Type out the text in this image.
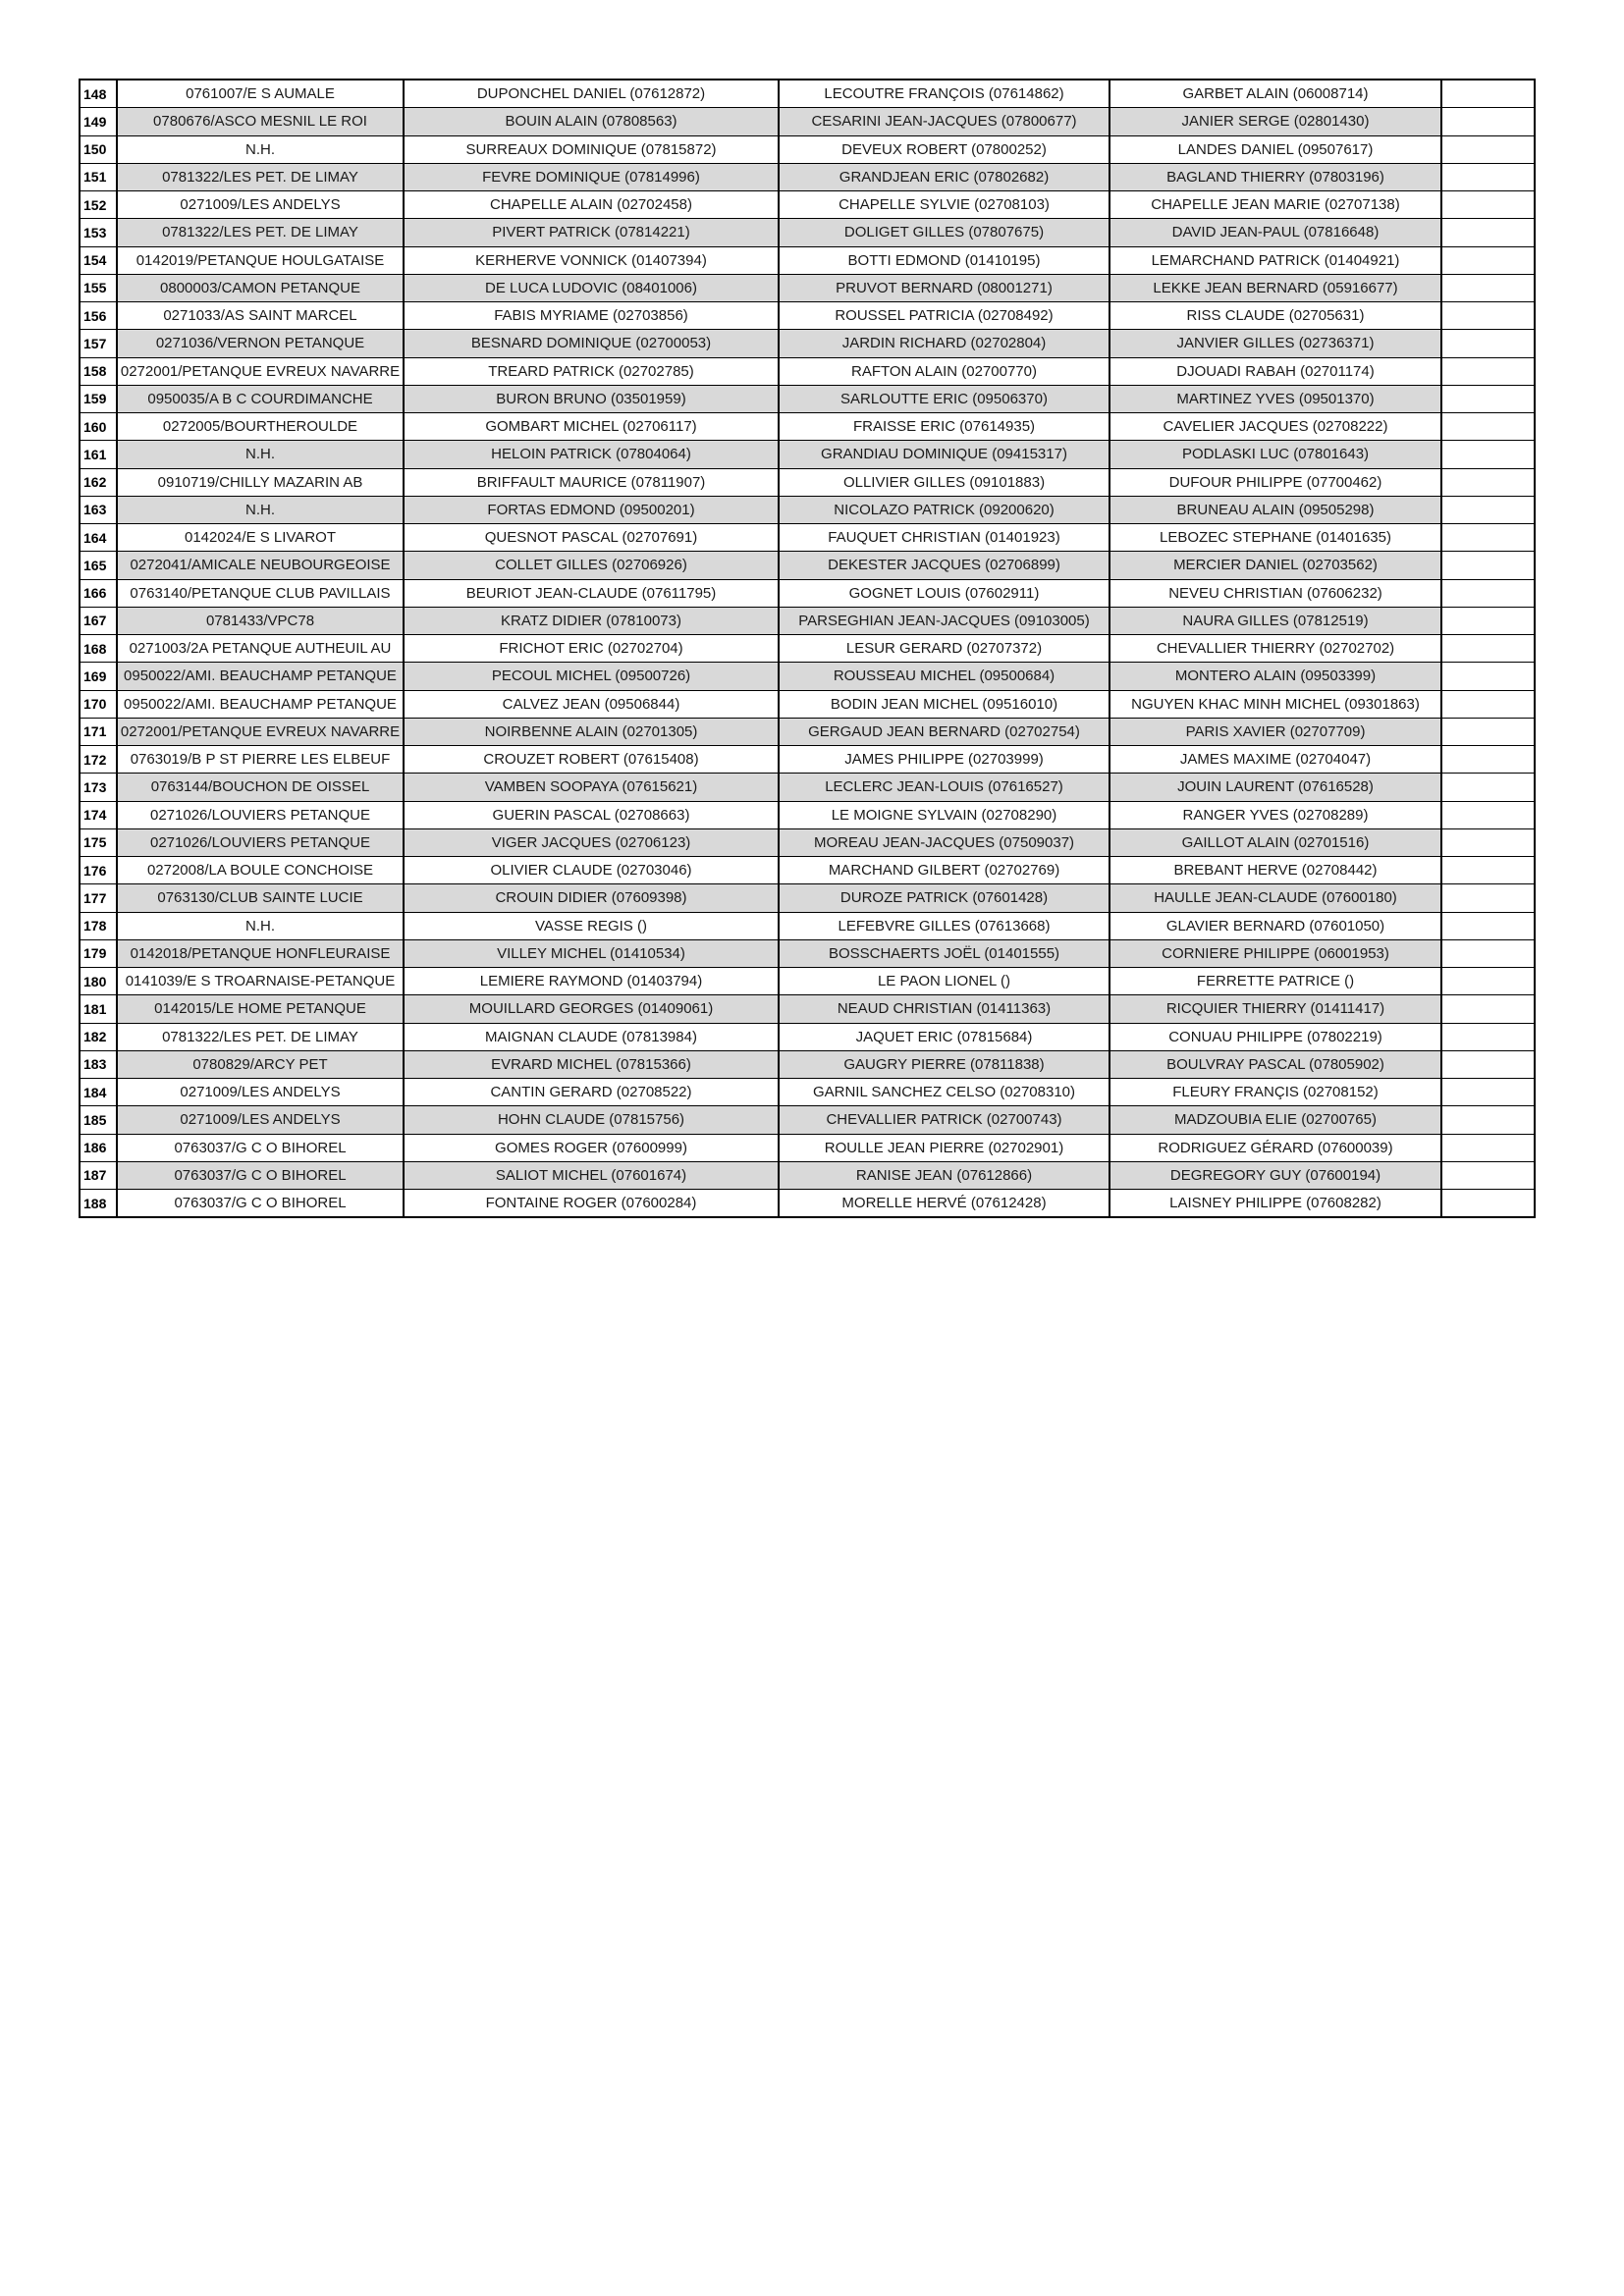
148	0761007/E S AUMALE	DUPONCHEL DANIEL (07612872)	LECOUTRE FRANÇOIS (07614862)	GARBET ALAIN (06008714)	
149	0780676/ASCO MESNIL LE ROI	BOUIN ALAIN (07808563)	CESARINI JEAN-JACQUES (07800677)	JANIER SERGE (02801430)	
150	N.H.	SURREAUX DOMINIQUE (07815872)	DEVEUX ROBERT (07800252)	LANDES DANIEL (09507617)	
151	0781322/LES PET. DE LIMAY	FEVRE DOMINIQUE (07814996)	GRANDJEAN ERIC (07802682)	BAGLAND THIERRY (07803196)	
152	0271009/LES ANDELYS	CHAPELLE ALAIN (02702458)	CHAPELLE SYLVIE (02708103)	CHAPELLE JEAN MARIE (02707138)	
153	0781322/LES PET. DE LIMAY	PIVERT PATRICK (07814221)	DOLIGET GILLES (07807675)	DAVID JEAN-PAUL (07816648)	
154	0142019/PETANQUE HOULGATAISE	KERHERVE VONNICK (01407394)	BOTTI EDMOND (01410195)	LEMARCHAND PATRICK (01404921)	
155	0800003/CAMON PETANQUE	DE LUCA LUDOVIC (08401006)	PRUVOT BERNARD (08001271)	LEKKE JEAN BERNARD (05916677)	
156	0271033/AS SAINT MARCEL	FABIS MYRIAME (02703856)	ROUSSEL PATRICIA (02708492)	RISS CLAUDE (02705631)	
157	0271036/VERNON PETANQUE	BESNARD DOMINIQUE (02700053)	JARDIN RICHARD (02702804)	JANVIER GILLES (02736371)	
158	0272001/PETANQUE EVREUX NAVARRE	TREARD PATRICK (02702785)	RAFTON ALAIN (02700770)	DJOUADI RABAH (02701174)	
159	0950035/A B C COURDIMANCHE	BURON BRUNO (03501959)	SARLOUTTE ERIC (09506370)	MARTINEZ YVES (09501370)	
160	0272005/BOURTHEROULDE	GOMBART MICHEL (02706117)	FRAISSE ERIC (07614935)	CAVELIER JACQUES (02708222)	
161	N.H.	HELOIN PATRICK (07804064)	GRANDIAU DOMINIQUE (09415317)	PODLASKI LUC (07801643)	
162	0910719/CHILLY MAZARIN AB	BRIFFAULT MAURICE (07811907)	OLLIVIER GILLES (09101883)	DUFOUR PHILIPPE (07700462)	
163	N.H.	FORTAS EDMOND (09500201)	NICOLAZO PATRICK (09200620)	BRUNEAU ALAIN (09505298)	
164	0142024/E S LIVAROT	QUESNOT PASCAL (02707691)	FAUQUET CHRISTIAN (01401923)	LEBOZEC STEPHANE (01401635)	
165	0272041/AMICALE NEUBOURGEOISE	COLLET GILLES (02706926)	DEKESTER JACQUES (02706899)	MERCIER DANIEL (02703562)	
166	0763140/PETANQUE CLUB PAVILLAIS	BEURIOT JEAN-CLAUDE (07611795)	GOGNET LOUIS (07602911)	NEVEU CHRISTIAN (07606232)	
167	0781433/VPC78	KRATZ DIDIER (07810073)	PARSEGHIAN JEAN-JACQUES (09103005)	NAURA GILLES (07812519)	
168	0271003/2A PETANQUE AUTHEUIL AU	FRICHOT ERIC (02702704)	LESUR GERARD (02707372)	CHEVALLIER THIERRY (02702702)	
169	0950022/AMI. BEAUCHAMP PETANQUE	PECOUL MICHEL (09500726)	ROUSSEAU MICHEL (09500684)	MONTERO ALAIN (09503399)	
170	0950022/AMI. BEAUCHAMP PETANQUE	CALVEZ JEAN (09506844)	BODIN JEAN MICHEL (09516010)	NGUYEN KHAC MINH MICHEL (09301863)	
171	0272001/PETANQUE EVREUX NAVARRE	NOIRBENNE ALAIN (02701305)	GERGAUD JEAN BERNARD (02702754)	PARIS XAVIER (02707709)	
172	0763019/B P ST PIERRE LES ELBEUF	CROUZET ROBERT (07615408)	JAMES PHILIPPE (02703999)	JAMES MAXIME (02704047)	
173	0763144/BOUCHON DE OISSEL	VAMBEN SOOPAYA (07615621)	LECLERC JEAN-LOUIS (07616527)	JOUIN LAURENT (07616528)	
174	0271026/LOUVIERS PETANQUE	GUERIN PASCAL (02708663)	LE MOIGNE SYLVAIN (02708290)	RANGER YVES (02708289)	
175	0271026/LOUVIERS PETANQUE	VIGER JACQUES (02706123)	MOREAU JEAN-JACQUES (07509037)	GAILLOT ALAIN (02701516)	
176	0272008/LA BOULE CONCHOISE	OLIVIER CLAUDE (02703046)	MARCHAND GILBERT (02702769)	BREBANT HERVE (02708442)	
177	0763130/CLUB SAINTE LUCIE	CROUIN DIDIER (07609398)	DUROZE PATRICK (07601428)	HAULLE JEAN-CLAUDE (07600180)	
178	N.H.	VASSE REGIS ()	LEFEBVRE GILLES (07613668)	GLAVIER BERNARD (07601050)	
179	0142018/PETANQUE HONFLEURAISE	VILLEY MICHEL (01410534)	BOSSCHAERTS JOËL (01401555)	CORNIERE PHILIPPE (06001953)	
180	0141039/E S TROARNAISE-PETANQUE	LEMIERE RAYMOND (01403794)	LE PAON LIONEL ()	FERRETTE PATRICE ()	
181	0142015/LE HOME PETANQUE	MOUILLARD GEORGES (01409061)	NEAUD CHRISTIAN (01411363)	RICQUIER THIERRY (01411417)	
182	0781322/LES PET. DE LIMAY	MAIGNAN CLAUDE (07813984)	JAQUET ERIC (07815684)	CONUAU PHILIPPE (07802219)	
183	0780829/ARCY PET	EVRARD MICHEL (07815366)	GAUGRY PIERRE (07811838)	BOULVRAY PASCAL (07805902)	
184	0271009/LES ANDELYS	CANTIN GERARD (02708522)	GARNIL SANCHEZ CELSO (02708310)	FLEURY FRANÇIS (02708152)	
185	0271009/LES ANDELYS	HOHN CLAUDE (07815756)	CHEVALLIER PATRICK (02700743)	MADZOUBIA ELIE (02700765)	
186	0763037/G C O BIHOREL	GOMES ROGER (07600999)	ROULLE JEAN PIERRE (02702901)	RODRIGUEZ GÉRARD (07600039)	
187	0763037/G C O BIHOREL	SALIOT MICHEL (07601674)	RANISE JEAN (07612866)	DEGREGORY GUY (07600194)	
188	0763037/G C O BIHOREL	FONTAINE ROGER (07600284)	MORELLE HERVÉ (07612428)	LAISNEY PHILIPPE (07608282)	
